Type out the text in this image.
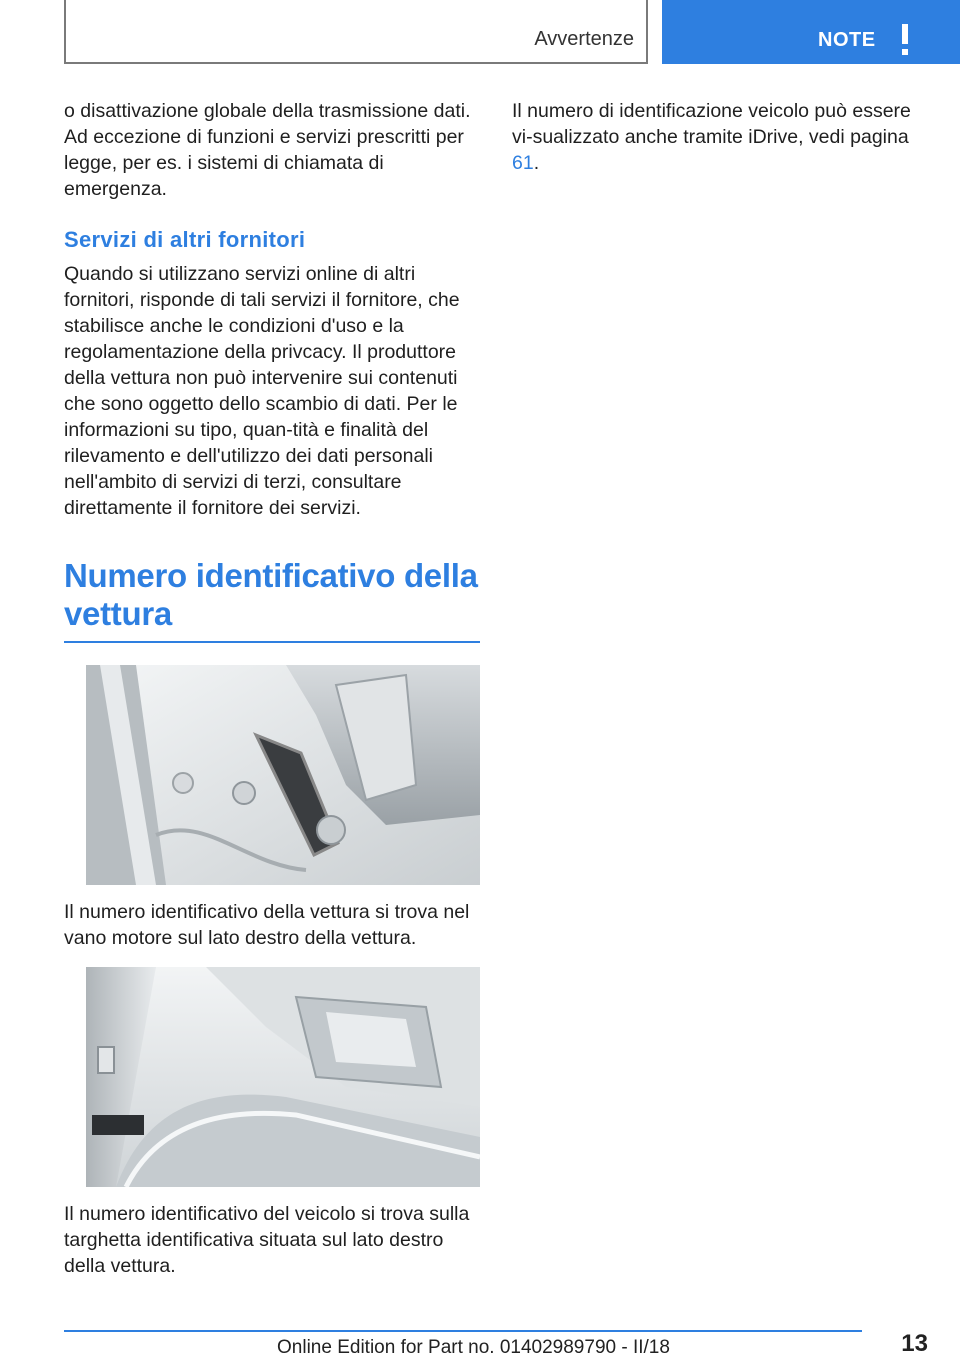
Avvertenze	NOTE

o disattivazione globale della trasmissione dati. Ad eccezione di funzioni e servizi prescritti per legge, per es. i sistemi di chiamata di emergenza.

Servizi di altri fornitori

Quando si utilizzano servizi online di altri fornitori, risponde di tali servizi il fornitore, che stabilisce anche le condizioni d'uso e la regolamentazione della privcacy. Il produttore della vettura non può intervenire sui contenuti che sono oggetto dello scambio di dati. Per le informazioni su tipo, quan-tità e finalità del rilevamento e dell'utilizzo dei dati personali nell'ambito di servizi di terzi, consultare direttamente il fornitore dei servizi.

Numero identificativo della vettura

Il numero identificativo della vettura si trova nel vano motore sul lato destro della vettura.

Il numero identificativo del veicolo si trova sulla targhetta identificativa situata sul lato destro della vettura.

Il numero di identificazione veicolo può essere vi-sualizzato anche tramite iDrive, vedi pagina 61.

13
Online Edition for Part no. 01402989790 - II/18
